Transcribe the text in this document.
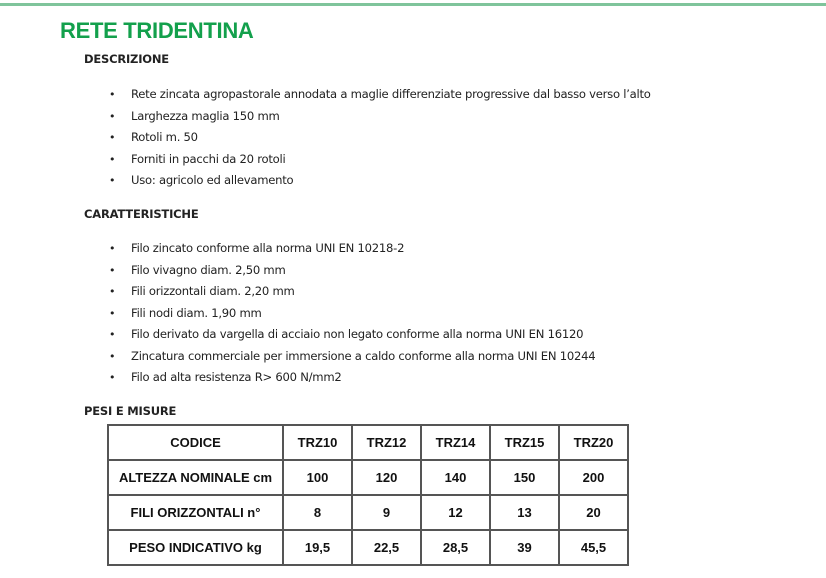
RETE TRIDENTINA
DESCRIZIONE
• Rete zincata agropastorale annodata a maglie differenziate progressive dal basso verso l’alto
• Larghezza maglia 150 mm
• Rotoli m. 50
• Forniti in pacchi da 20 rotoli
• Uso: agricolo ed allevamento
CARATTERISTICHE
• Filo zincato conforme alla norma UNI EN 10218-2
• Filo vivagno diam. 2,50 mm
• Fili orizzontali diam. 2,20 mm
• Fili nodi diam. 1,90 mm
• Filo derivato da vargella di acciaio non legato conforme alla norma UNI EN 16120
• Zincatura commerciale per immersione a caldo conforme alla norma UNI EN 10244
• Filo ad alta resistenza R> 600 N/mm2
PESI E MISURE
CODICE	TRZ10	TRZ12	TRZ14	TRZ15	TRZ20
ALTEZZA NOMINALE cm	100	120	140	150	200
FILI ORIZZONTALI n°	8	9	12	13	20
PESO INDICATIVO kg	19,5	22,5	28,5	39	45,5
